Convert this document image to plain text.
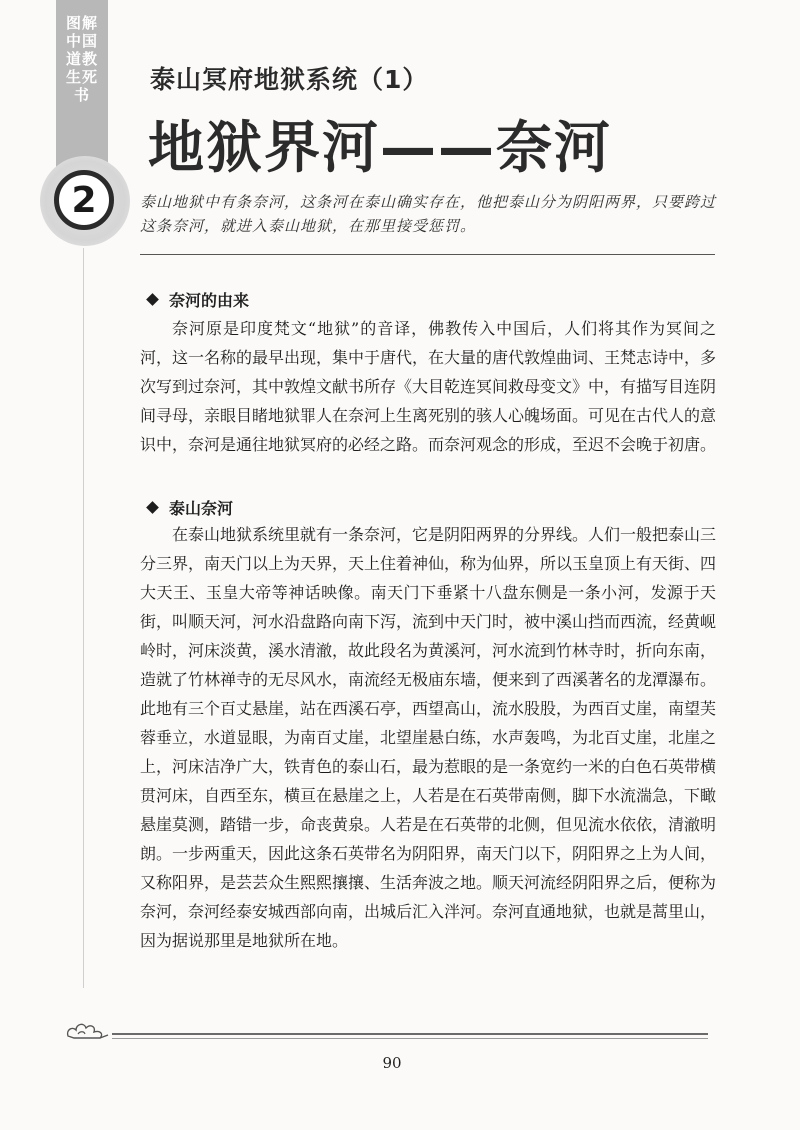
图解中国道教生死书
2
泰山冥府地狱系统（1）
地狱界河——奈河
泰山地狱中有条奈河，这条河在泰山确实存在，他把泰山分为阴阳两界，只要跨过这条奈河，就进入泰山地狱，在那里接受惩罚。
奈河的由来
奈河原是印度梵文“地狱”的音译，佛教传入中国后，人们将其作为冥间之河，这一名称的最早出现，集中于唐代，在大量的唐代敦煌曲词、王梵志诗中，多次写到过奈河，其中敦煌文献书所存《大目乾连冥间救母变文》中，有描写目连阴间寻母，亲眼目睹地狱罪人在奈河上生离死别的骇人心魄场面。可见在古代人的意识中，奈河是通往地狱冥府的必经之路。而奈河观念的形成，至迟不会晚于初唐。
泰山奈河
在泰山地狱系统里就有一条奈河，它是阴阳两界的分界线。人们一般把泰山三分三界，南天门以上为天界，天上住着神仙，称为仙界，所以玉皇顶上有天街、四大天王、玉皇大帝等神话映像。南天门下垂紧十八盘东侧是一条小河，发源于天街，叫顺天河，河水沿盘路向南下泻，流到中天门时，被中溪山挡而西流，经黄岘岭时，河床淡黄，溪水清澈，故此段名为黄溪河，河水流到竹林寺时，折向东南，造就了竹林禅寺的无尽风水，南流经无极庙东墙，便来到了西溪著名的龙潭瀑布。此地有三个百丈悬崖，站在西溪石亭，西望高山，流水股股，为西百丈崖，南望芙蓉垂立，水道显眼，为南百丈崖，北望崖悬白练，水声轰鸣，为北百丈崖，北崖之上，河床洁净广大，铁青色的泰山石，最为惹眼的是一条宽约一米的白色石英带横贯河床，自西至东，横亘在悬崖之上，人若是在石英带南侧，脚下水流湍急，下瞰悬崖莫测，踏错一步，命丧黄泉。人若是在石英带的北侧，但见流水依依，清澈明朗。一步两重天，因此这条石英带名为阴阳界，南天门以下，阴阳界之上为人间，又称阳界，是芸芸众生熙熙攘攘、生活奔波之地。顺天河流经阴阳界之后，便称为奈河，奈河经泰安城西部向南，出城后汇入泮河。奈河直通地狱，也就是蒿里山，因为据说那里是地狱所在地。
90
